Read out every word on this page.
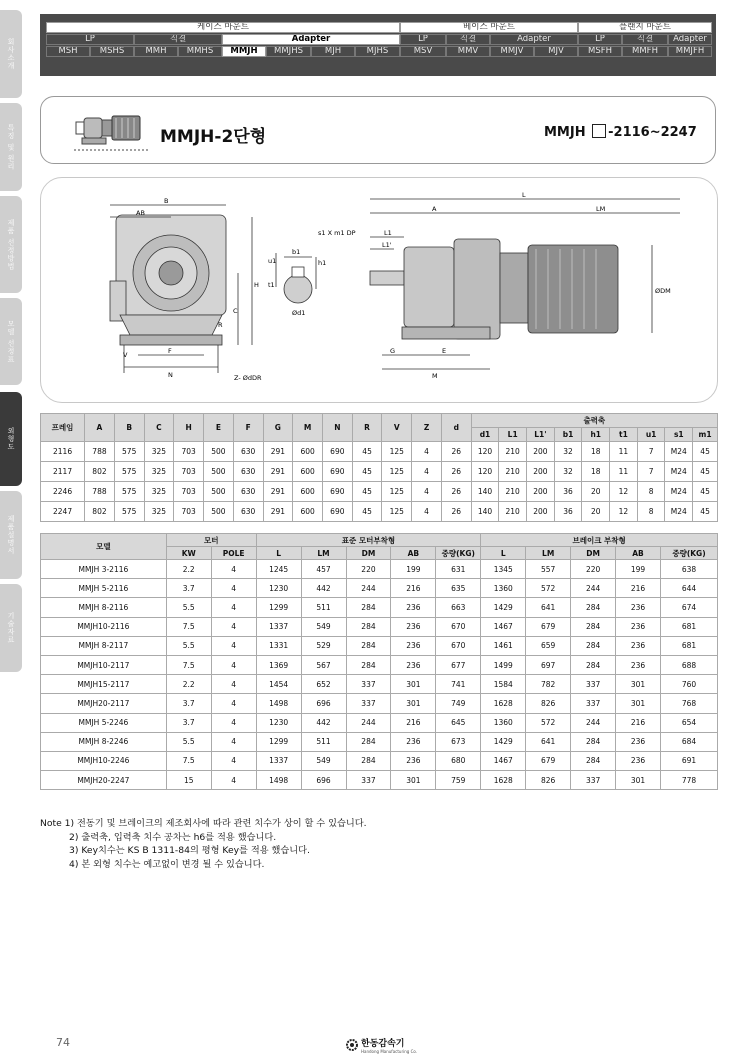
회사소개
특징 및 원리
제품 선정방법
모델 선정표
외형도
제품설명서
기술자료
케이스 마운트	베이스 마운트	플랜지 마운트
LP	직결	Adapter	LP	직결	Adapter	LP	직결	Adapter
MSH	MSHS	MMH	MMHS	MMJH	MMJHS	MJH	MJHS	MSV	MMV	MMJV	MJV	MSFH	MMFH	MMJFH
MMJH-2단형	MMJH -2116~2247
B
AB
H
C
R
F
N
V
Z- ØdDR
u1
b1
h1
t1
Ød1
L
A	LM
s1 X m1 DP	L1
L1'
ØDM
G	E
M
프레임	A	B	C	H	E	F	G	M	N	R	V	Z	d	출력축								
														d1	L1	L1'	b1	h1	t1	u1	s1	m1
2116	788	575	325	703	500	630	291	600	690	45	125	4	26	120	210	200	32	18	11	7	M24	45
2117	802	575	325	703	500	630	291	600	690	45	125	4	26	120	210	200	32	18	11	7	M24	45
2246	788	575	325	703	500	630	291	600	690	45	125	4	26	140	210	200	36	20	12	8	M24	45
2247	802	575	325	703	500	630	291	600	690	45	125	4	26	140	210	200	36	20	12	8	M24	45
모델	모터		표준 모터부착형					브레이크 부착형				
	KW	POLE	L	LM	DM	AB	중량(KG)	L	LM	DM	AB	중량(KG)
MMJH 3-2116	2.2	4	1245	457	220	199	631	1345	557	220	199	638
MMJH 5-2116	3.7	4	1230	442	244	216	635	1360	572	244	216	644
MMJH 8-2116	5.5	4	1299	511	284	236	663	1429	641	284	236	674
MMJH10-2116	7.5	4	1337	549	284	236	670	1467	679	284	236	681
MMJH 8-2117	5.5	4	1331	529	284	236	670	1461	659	284	236	681
MMJH10-2117	7.5	4	1369	567	284	236	677	1499	697	284	236	688
MMJH15-2117	2.2	4	1454	652	337	301	741	1584	782	337	301	760
MMJH20-2117	3.7	4	1498	696	337	301	749	1628	826	337	301	768
MMJH 5-2246	3.7	4	1230	442	244	216	645	1360	572	244	216	654
MMJH 8-2246	5.5	4	1299	511	284	236	673	1429	641	284	236	684
MMJH10-2246	7.5	4	1337	549	284	236	680	1467	679	284	236	691
MMJH20-2247	15	4	1498	696	337	301	759	1628	826	337	301	778
Note 1) 전동기 및 브레이크의 제조회사에 따라 관련 치수가 상이 할 수 있습니다.
2) 출력축, 입력축 치수 공차는 h6를 적용 했습니다.
3) Key치수는 KS B 1311-84의 평형 Key를 적용 했습니다.
4) 본 외형 치수는 예고없이 변경 될 수 있습니다.
74	한동감속기
Handong Manufacturing Co.
